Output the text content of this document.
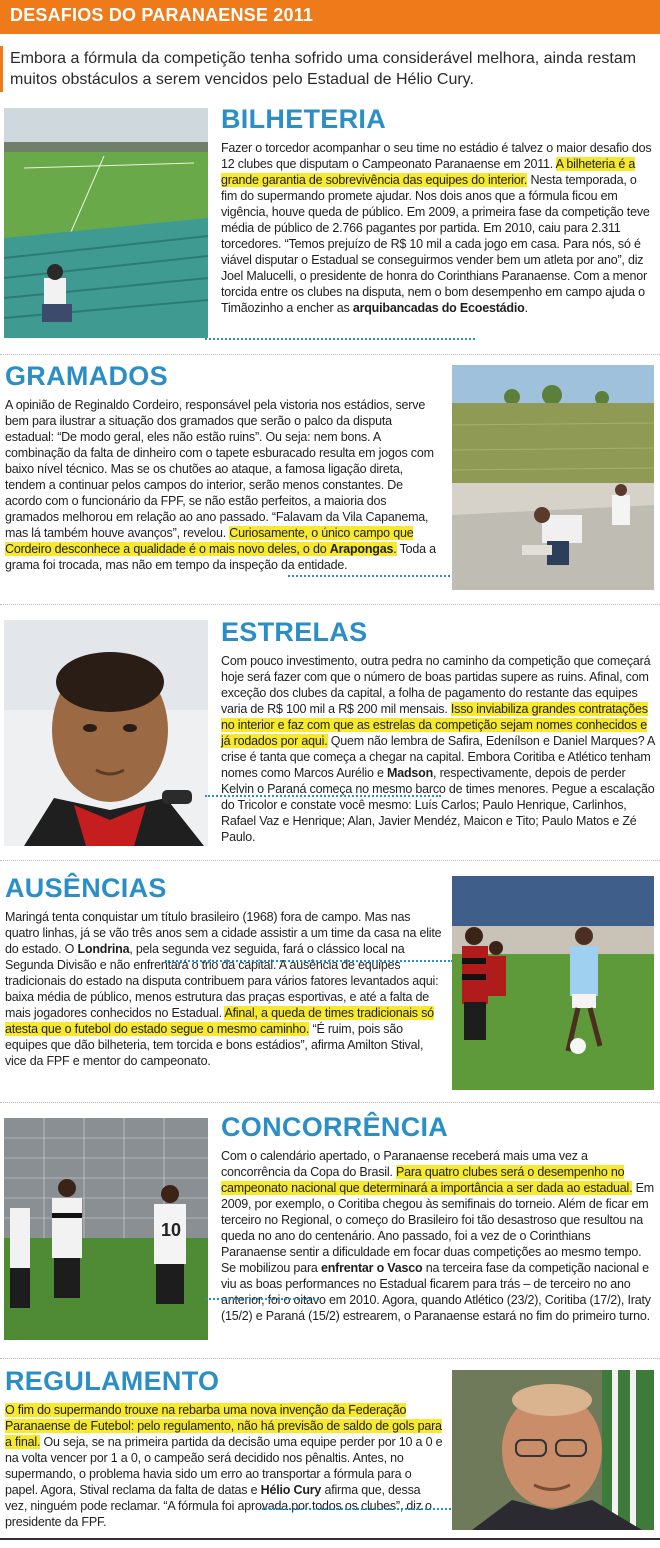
DESAFIOS DO PARANAENSE 2011
Embora a fórmula da competição tenha sofrido uma considerável melhora, ainda restam muitos obstáculos a serem vencidos pelo Estadual de Hélio Cury.
BILHETERIA
Fazer o torcedor acompanhar o seu time no estádio é talvez o maior desafio dos 12 clubes que disputam o Campeonato Paranaense em 2011. A bilheteria é a grande garantia de sobrevivência das equipes do interior. Nesta temporada, o fim do supermando promete ajudar. Nos dois anos que a fórmula ficou em vigência, houve queda de público. Em 2009, a primeira fase da competição teve média de público de 2.766 pagantes por partida. Em 2010, caiu para 2.311 torcedores. “Temos prejuízo de R$ 10 mil a cada jogo em casa. Para nós, só é viável disputar o Estadual se conseguirmos vender bem um atleta por ano”, diz Joel Malucelli, o presidente de honra do Corinthians Paranaense. Com a menor torcida entre os clubes na disputa, nem o bom desempenho em campo ajuda o Timãozinho a encher as arquibancadas do Ecoestádio.
GRAMADOS
A opinião de Reginaldo Cordeiro, responsável pela vistoria nos estádios, serve bem para ilustrar a situação dos gramados que serão o palco da disputa estadual: “De modo geral, eles não estão ruins”. Ou seja: nem bons. A combinação da falta de dinheiro com o tapete esburacado resulta em jogos com baixo nível técnico. Mas se os chutões ao ataque, a famosa ligação direta, tendem a continuar pelos campos do interior, serão menos constantes. De acordo com o funcionário da FPF, se não estão perfeitos, a maioria dos gramados melhorou em relação ao ano passado. “Falavam da Vila Capanema, mas lá também houve avanços”, revelou. Curiosamente, o único campo que Cordeiro desconhece a qualidade é o mais novo deles, o do Arapongas. Toda a grama foi trocada, mas não em tempo da inspeção da entidade.
ESTRELAS
Com pouco investimento, outra pedra no caminho da competição que começará hoje será fazer com que o número de boas partidas supere as ruins. Afinal, com exceção dos clubes da capital, a folha de pagamento do restante das equipes varia de R$ 100 mil a R$ 200 mil mensais. Isso inviabiliza grandes contratações no interior e faz com que as estrelas da competição sejam nomes conhecidos e já rodados por aqui. Quem não lembra de Safira, Edenílson e Daniel Marques? A crise é tanta que começa a chegar na capital. Embora Coritiba e Atlético tenham nomes como Marcos Aurélio e Madson, respectivamente, depois de perder Kelvin o Paraná começa no mesmo barco de times menores. Pegue a escalação do Tricolor e constate você mesmo: Luís Carlos; Paulo Henrique, Carlinhos, Rafael Vaz e Henrique; Alan, Javier Mendéz, Maicon e Tito; Paulo Matos e Zé Paulo.
AUSÊNCIAS
Maringá tenta conquistar um título brasileiro (1968) fora de campo. Mas nas quatro linhas, já se vão três anos sem a cidade assistir a um time da casa na elite do estado. O Londrina, pela segunda vez seguida, fará o clássico local na Segunda Divisão e não enfrentará o trio da capital. A ausência de equipes tradicionais do estado na disputa contribuem para vários fatores levantados aqui: baixa média de público, menos estrutura das praças esportivas, e até a falta de mais jogadores conhecidos no Estadual. Afinal, a queda de times tradicionais só atesta que o futebol do estado segue o mesmo caminho. “É ruim, pois são equipes que dão bilheteria, tem torcida e bons estádios”, afirma Amilton Stival, vice da FPF e mentor do campeonato.
10
CONCORRÊNCIA
Com o calendário apertado, o Paranaense receberá mais uma vez a concorrência da Copa do Brasil. Para quatro clubes será o desempenho no campeonato nacional que determinará a importância a ser dada ao estadual. Em 2009, por exemplo, o Coritiba chegou às semifinais do torneio. Além de ficar em terceiro no Regional, o começo do Brasileiro foi tão desastroso que resultou na queda no ano do centenário. Ano passado, foi a vez de o Corinthians Paranaense sentir a dificuldade em focar duas competições ao mesmo tempo. Se mobilizou para enfrentar o Vasco na terceira fase da competição nacional e viu as boas performances no Estadual ficarem para trás – de terceiro no ano anterior, foi o oitavo em 2010. Agora, quando Atlético (23/2), Coritiba (17/2), Iraty (15/2) e Paraná (15/2) estrearem, o Paranaense estará no fim do primeiro turno.
REGULAMENTO
O fim do supermando trouxe na rebarba uma nova invenção da Federação Paranaense de Futebol: pelo regulamento, não há previsão de saldo de gols para a final. Ou seja, se na primeira partida da decisão uma equipe perder por 10 a 0 e na volta vencer por 1 a 0, o campeão será decidido nos pênaltis. Antes, no supermando, o problema havia sido um erro ao transportar a fórmula para o papel. Agora, Stival reclama da falta de datas e Hélio Cury afirma que, dessa vez, ninguém pode reclamar. “A fórmula foi aprovada por todos os clubes”, diz o presidente da FPF.
